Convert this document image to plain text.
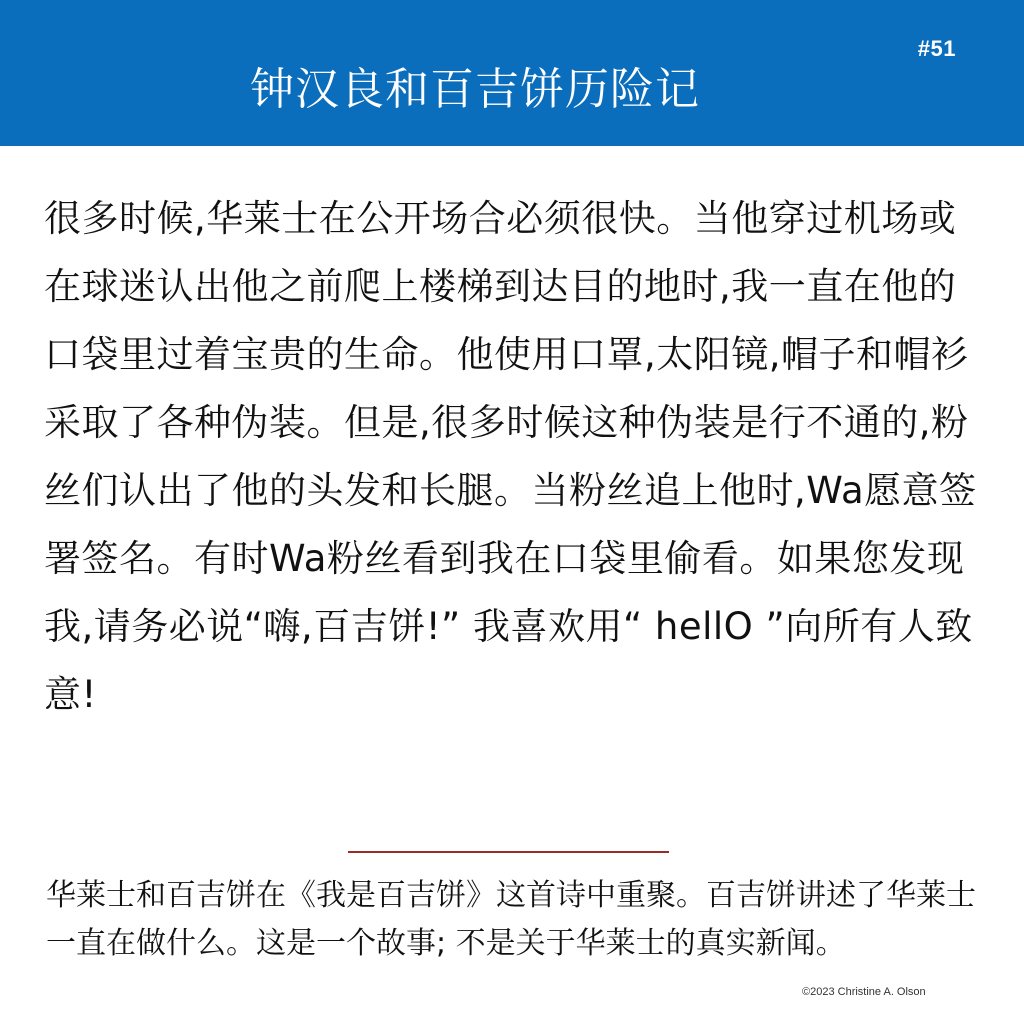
#51
钟汉良和百吉饼历险记

很多时候,华莱士在公开场合必须很快。当他穿过机场或在球迷认出他之前爬上楼梯到达目的地时,我一直在他的口袋里过着宝贵的生命。他使用口罩,太阳镜,帽子和帽衫采取了各种伪装。但是,很多时候这种伪装是行不通的,粉丝们认出了他的头发和长腿。当粉丝追上他时,Wa愿意签署签名。有时Wa粉丝看到我在口袋里偷看。如果您发现我,请务必说“嗨,百吉饼!” 我喜欢用“ hellO ”向所有人致意!

华莱士和百吉饼在《我是百吉饼》这首诗中重聚。百吉饼讲述了华莱士一直在做什么。这是一个故事; 不是关于华莱士的真实新闻。

©2023 Christine A. Olson
